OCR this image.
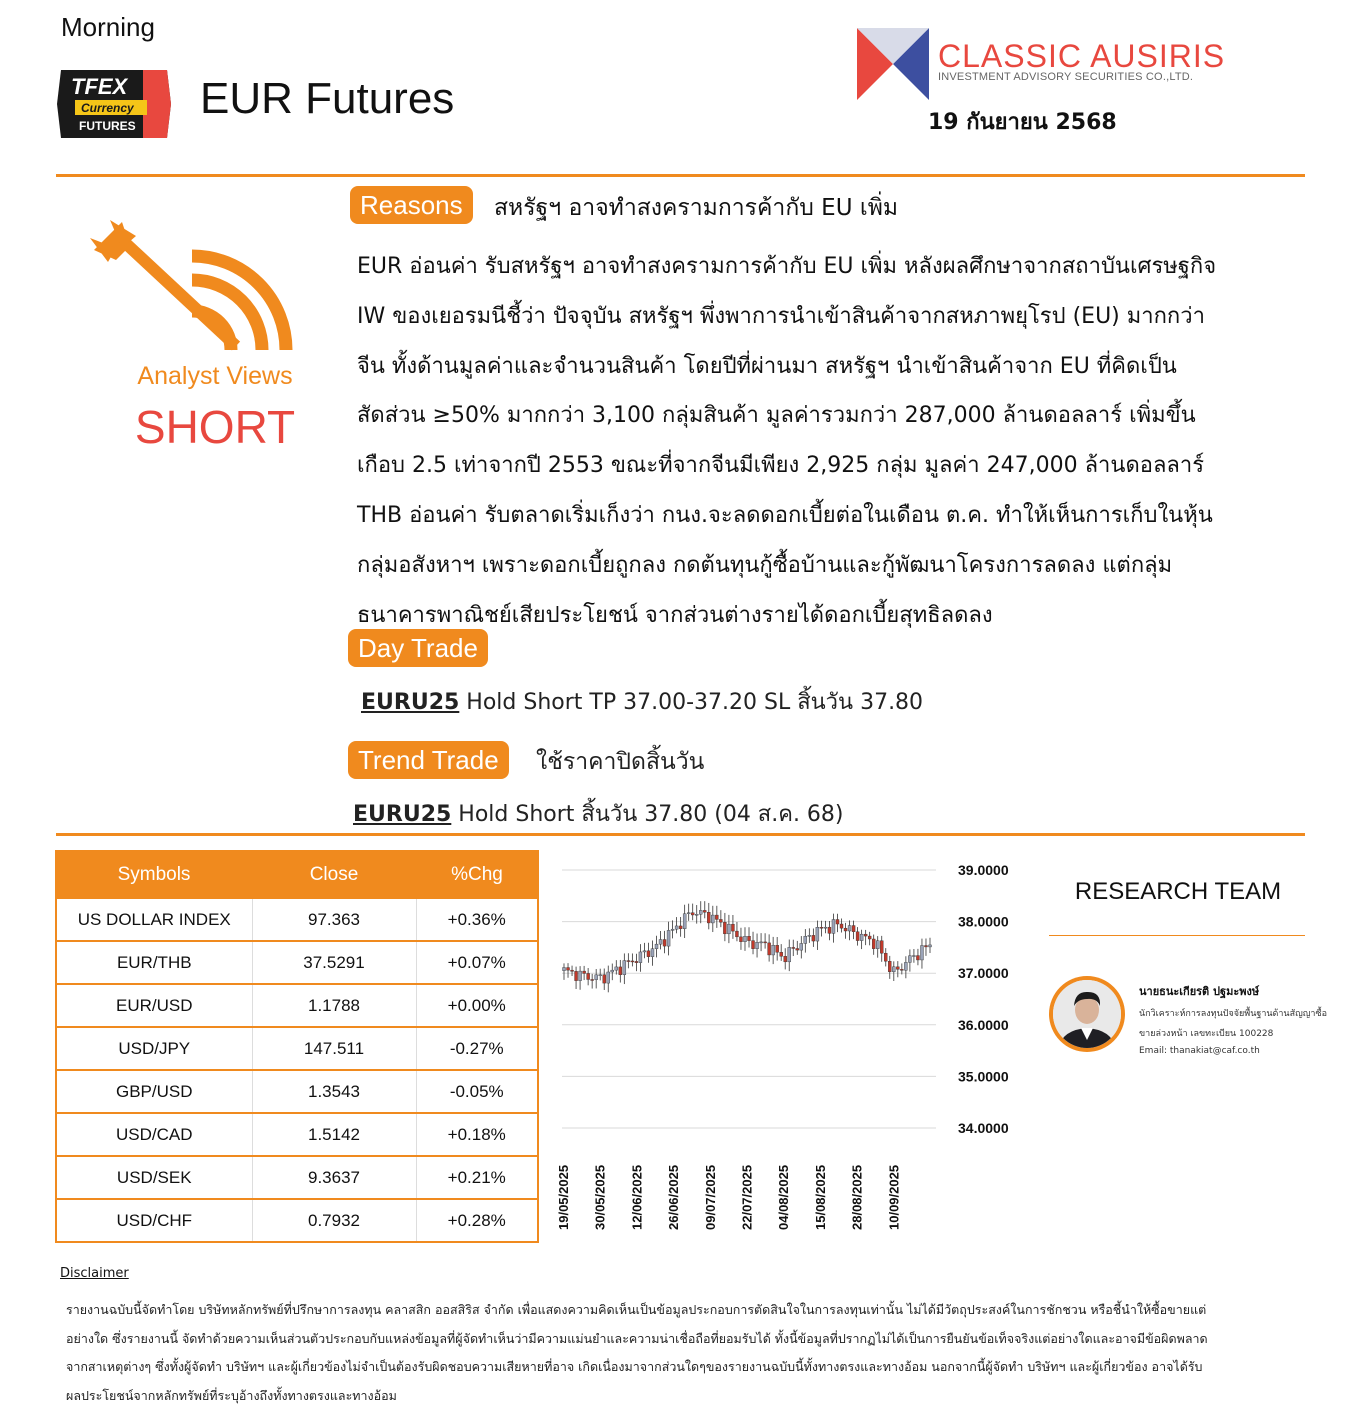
Morning
TFEX
Currency
FUTURES
EUR Futures
CLASSIC AUSIRIS
INVESTMENT ADVISORY SECURITIES CO.,LTD.
19 กันยายน 2568
Analyst Views
SHORT
Reasons	สหรัฐฯ อาจทำสงครามการค้ากับ EU เพิ่ม
EUR อ่อนค่า รับสหรัฐฯ อาจทำสงครามการค้ากับ EU เพิ่ม หลังผลศึกษาจากสถาบันเศรษฐกิจ
IW ของเยอรมนีชี้ว่า ปัจจุบัน สหรัฐฯ พึ่งพาการนำเข้าสินค้าจากสหภาพยุโรป (EU) มากกว่า
จีน ทั้งด้านมูลค่าและจำนวนสินค้า โดยปีที่ผ่านมา สหรัฐฯ นำเข้าสินค้าจาก EU ที่คิดเป็น
สัดส่วน ≥50% มากกว่า 3,100 กลุ่มสินค้า มูลค่ารวมกว่า 287,000 ล้านดอลลาร์ เพิ่มขึ้น
เกือบ 2.5 เท่าจากปี 2553 ขณะที่จากจีนมีเพียง 2,925 กลุ่ม มูลค่า 247,000 ล้านดอลลาร์
THB อ่อนค่า รับตลาดเริ่มเก็งว่า กนง.จะลดดอกเบี้ยต่อในเดือน ต.ค. ทำให้เห็นการเก็บในหุ้น
กลุ่มอสังหาฯ เพราะดอกเบี้ยถูกลง กดต้นทุนกู้ซื้อบ้านและกู้พัฒนาโครงการลดลง แต่กลุ่ม
ธนาคารพาณิชย์เสียประโยชน์ จากส่วนต่างรายได้ดอกเบี้ยสุทธิลดลง
Day Trade
EURU25 Hold Short TP 37.00-37.20 SL สิ้นวัน 37.80
Trend Trade	ใช้ราคาปิดสิ้นวัน
EURU25 Hold Short สิ้นวัน 37.80 (04 ส.ค. 68)
Symbols	Close	%Chg
US DOLLAR INDEX	97.363	+0.36%
EUR/THB	37.5291	+0.07%
EUR/USD	1.1788	+0.00%
USD/JPY	147.511	-0.27%
GBP/USD	1.3543	-0.05%
USD/CAD	1.5142	+0.18%
USD/SEK	9.3637	+0.21%
USD/CHF	0.7932	+0.28%
39.0000
38.0000
37.0000
36.0000
35.0000
34.0000
19/05/2025 30/05/2025 12/06/2025 26/06/2025 09/07/2025 22/07/2025 04/08/2025 15/08/2025 28/08/2025 10/09/2025
RESEARCH TEAM
นายธนะเกียรติ ปฐมะพงษ์
นักวิเคราะห์การลงทุนปัจจัยพื้นฐานด้านสัญญาซื้อ
ขายล่วงหน้า เลขทะเบียน 100228
Email: thanakiat@caf.co.th
Disclaimer
รายงานฉบับนี้จัดทำโดย บริษัทหลักทรัพย์ที่ปรึกษาการลงทุน คลาสสิก ออสสิริส จำกัด เพื่อแสดงความคิดเห็นเป็นข้อมูลประกอบการตัดสินใจในการลงทุนเท่านั้น ไม่ได้มีวัตถุประสงค์ในการชักชวน หรือชี้นำให้ซื้อขายแต่
อย่างใด ซึ่งรายงานนี้ จัดทำด้วยความเห็นส่วนตัวประกอบกับแหล่งข้อมูลที่ผู้จัดทำเห็นว่ามีความแม่นยำและความน่าเชื่อถือที่ยอมรับได้ ทั้งนี้ข้อมูลที่ปรากฏไม่ได้เป็นการยืนยันข้อเท็จจริงแต่อย่างใดและอาจมีข้อผิดพลาด
จากสาเหตุต่างๆ ซึ่งทั้งผู้จัดทำ บริษัทฯ และผู้เกี่ยวข้องไม่จำเป็นต้องรับผิดชอบความเสียหายที่อาจ เกิดเนื่องมาจากส่วนใดๆของรายงานฉบับนี้ทั้งทางตรงและทางอ้อม นอกจากนี้ผู้จัดทำ บริษัทฯ และผู้เกี่ยวข้อง อาจได้รับ
ผลประโยชน์จากหลักทรัพย์ที่ระบุอ้างถึงทั้งทางตรงและทางอ้อม
